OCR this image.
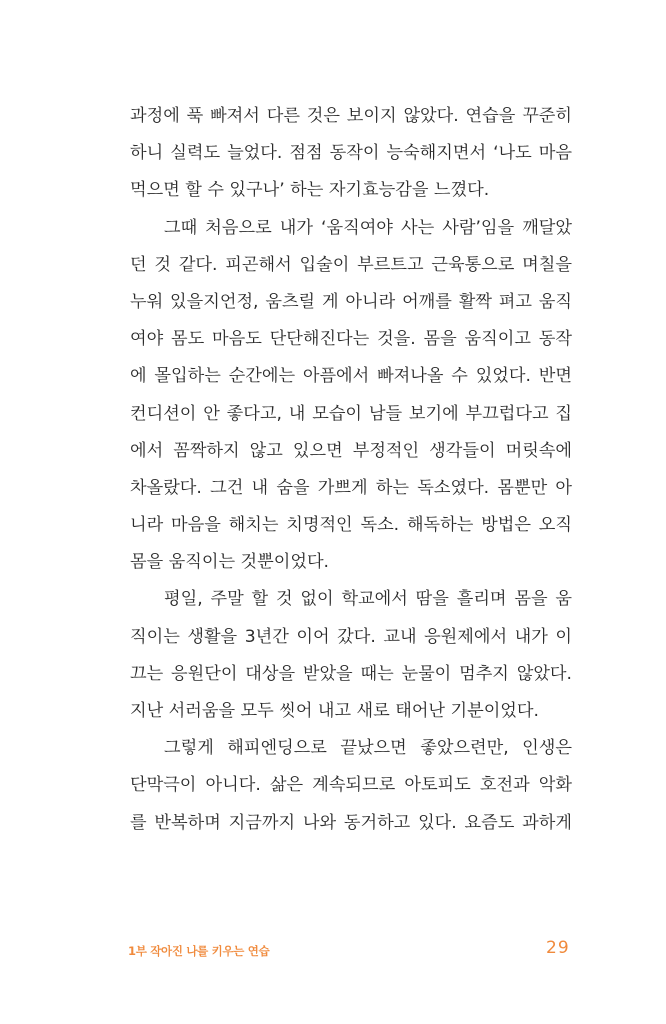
과정에 푹 빠져서 다른 것은 보이지 않았다. 연습을 꾸준히
하니 실력도 늘었다. 점점 동작이 능숙해지면서 ‘나도 마음
먹으면 할 수 있구나’ 하는 자기효능감을 느꼈다.
그때 처음으로 내가 ‘움직여야 사는 사람’임을 깨달았
던 것 같다. 피곤해서 입술이 부르트고 근육통으로 며칠을
누워 있을지언정, 움츠릴 게 아니라 어깨를 활짝 펴고 움직
여야 몸도 마음도 단단해진다는 것을. 몸을 움직이고 동작
에 몰입하는 순간에는 아픔에서 빠져나올 수 있었다. 반면
컨디션이 안 좋다고, 내 모습이 남들 보기에 부끄럽다고 집
에서 꼼짝하지 않고 있으면 부정적인 생각들이 머릿속에
차올랐다. 그건 내 숨을 가쁘게 하는 독소였다. 몸뿐만 아
니라 마음을 해치는 치명적인 독소. 해독하는 방법은 오직
몸을 움직이는 것뿐이었다.
평일, 주말 할 것 없이 학교에서 땀을 흘리며 몸을 움
직이는 생활을 3년간 이어 갔다. 교내 응원제에서 내가 이
끄는 응원단이 대상을 받았을 때는 눈물이 멈추지 않았다.
지난 서러움을 모두 씻어 내고 새로 태어난 기분이었다.
그렇게 해피엔딩으로 끝났으면 좋았으련만, 인생은
단막극이 아니다. 삶은 계속되므로 아토피도 호전과 악화
를 반복하며 지금까지 나와 동거하고 있다. 요즘도 과하게
1부 작아진 나를 키우는 연습	29
